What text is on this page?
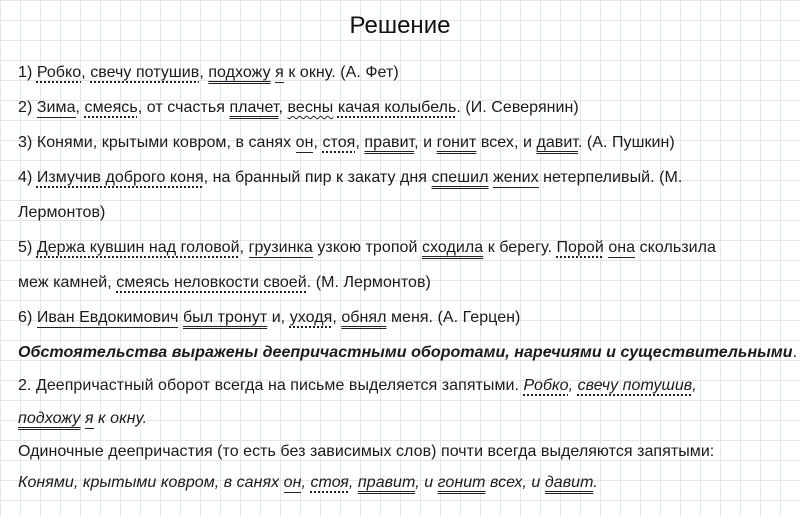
Решение
1) Робко, свечу потушив, подхожу я к окну. (А. Фет)
2) Зима, смеясь, от счастья плачет, весны качая колыбель. (И. Северянин)
3) Конями, крытыми ковром, в санях он, стоя, правит, и гонит всех, и давит. (А. Пушкин)
4) Измучив доброго коня, на бранный пир к закату дня спешил жених нетерпеливый. (М.
Лермонтов)
5) Держа кувшин над головой, грузинка узкою тропой сходила к берегу. Порой она скользила
меж камней, смеясь неловкости своей. (М. Лермонтов)
6) Иван Евдокимович был тронут и, уходя, обнял меня. (А. Герцен)
Обстоятельства выражены деепричастными оборотами, наречиями и существительными.
2. Деепричастный оборот всегда на письме выделяется запятыми. Робко, свечу потушив,
подхожу я к окну.
Одиночные деепричастия (то есть без зависимых слов) почти всегда выделяются запятыми:
Конями, крытыми ковром, в санях он, стоя, правит, и гонит всех, и давит.
